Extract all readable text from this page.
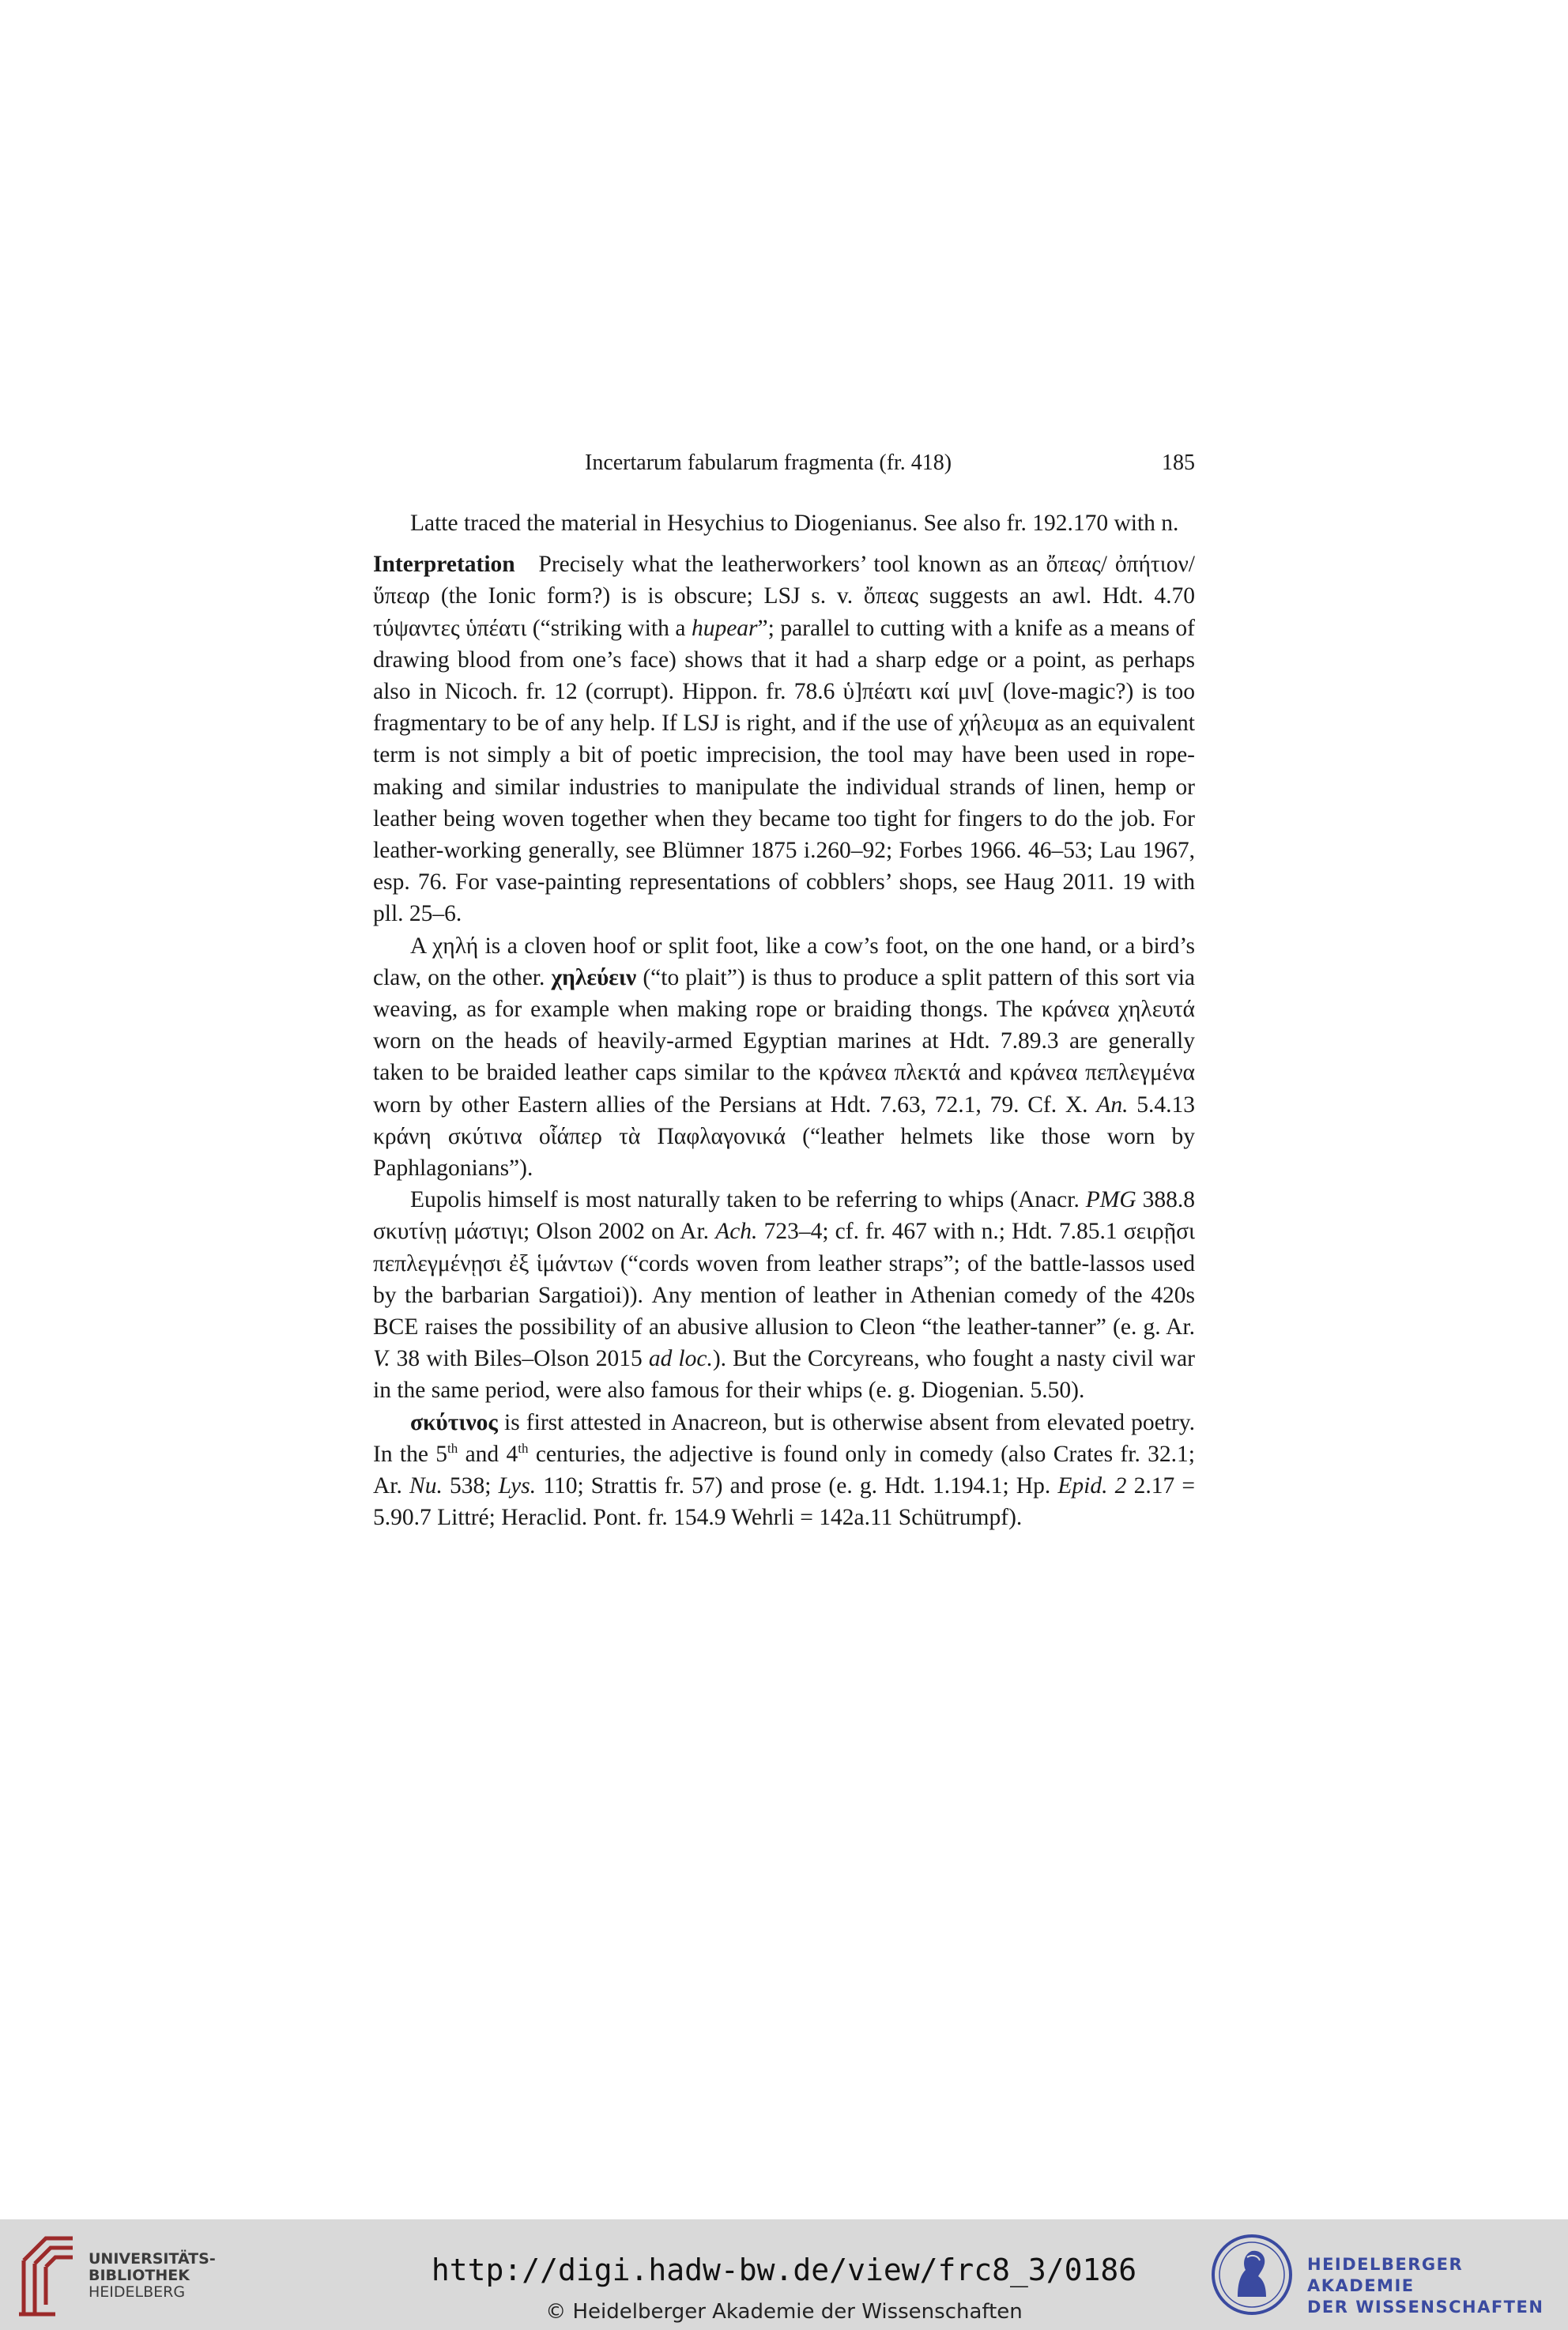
Incertarum fabularum fragmenta (fr. 418)	185

Latte traced the material in Hesychius to Diogenianus. See also fr. 192.170 with n.

Interpretation Precisely what the leatherworkers’ tool known as an ὄπεας/ ὀπήτιον/ὕπεαρ (the Ionic form?) is is obscure; LSJ s. v. ὄπεας suggests an awl. Hdt. 4.70 τύψαντες ὑπέατι (“striking with a hupear”; parallel to cutting with a knife as a means of drawing blood from one’s face) shows that it had a sharp edge or a point, as perhaps also in Nicoch. fr. 12 (corrupt). Hippon. fr. 78.6 ὑ]πέατι καί μιν[ (love-magic?) is too fragmentary to be of any help. If LSJ is right, and if the use of χήλευμα as an equivalent term is not simply a bit of poetic imprecision, the tool may have been used in rope-making and similar industries to manipulate the individual strands of linen, hemp or leather being woven together when they became too tight for fingers to do the job. For leather-working generally, see Blümner 1875 i.260–92; Forbes 1966. 46–53; Lau 1967, esp. 76. For vase-painting representations of cobblers’ shops, see Haug 2011. 19 with pll. 25–6.

A χηλή is a cloven hoof or split foot, like a cow’s foot, on the one hand, or a bird’s claw, on the other. χηλεύειν (“to plait”) is thus to produce a split pattern of this sort via weaving, as for example when making rope or braiding thongs. The κράνεα χηλευτά worn on the heads of heavily-armed Egyptian marines at Hdt. 7.89.3 are generally taken to be braided leather caps similar to the κράνεα πλεκτά and κράνεα πεπλεγμένα worn by other Eastern allies of the Persians at Hdt. 7.63, 72.1, 79. Cf. X. An. 5.4.13 κράνη σκύτινα οἷάπερ τὰ Παφλαγονικά (“leather helmets like those worn by Paphlagonians”).

Eupolis himself is most naturally taken to be referring to whips (Anacr. PMG 388.8 σκυτίνῃ μάστιγι; Olson 2002 on Ar. Ach. 723–4; cf. fr. 467 with n.; Hdt. 7.85.1 σειρῇσι πεπλεγμένῃσι ἐξ ἱμάντων (“cords woven from leather straps”; of the battle-lassos used by the barbarian Sargatioi)). Any mention of leather in Athenian comedy of the 420s BCE raises the possibility of an abusive allusion to Cleon “the leather-tanner” (e. g. Ar. V. 38 with Biles–Olson 2015 ad loc.). But the Corcyreans, who fought a nasty civil war in the same period, were also famous for their whips (e. g. Diogenian. 5.50).

σκύτινος is first attested in Anacreon, but is otherwise absent from elevated poetry. In the 5th and 4th centuries, the adjective is found only in comedy (also Crates fr. 32.1; Ar. Nu. 538; Lys. 110; Strattis fr. 57) and prose (e. g. Hdt. 1.194.1; Hp. Epid. 2 2.17 = 5.90.7 Littré; Heraclid. Pont. fr. 154.9 Wehrli = 142a.11 Schütrumpf).

UNIVERSITÄTS-
BIBLIOTHEK
HEIDELBERG
http://digi.hadw-bw.de/view/frc8_3/0186
© Heidelberger Akademie der Wissenschaften
HEIDELBERGER AKADEMIE
DER WISSENSCHAFTEN
